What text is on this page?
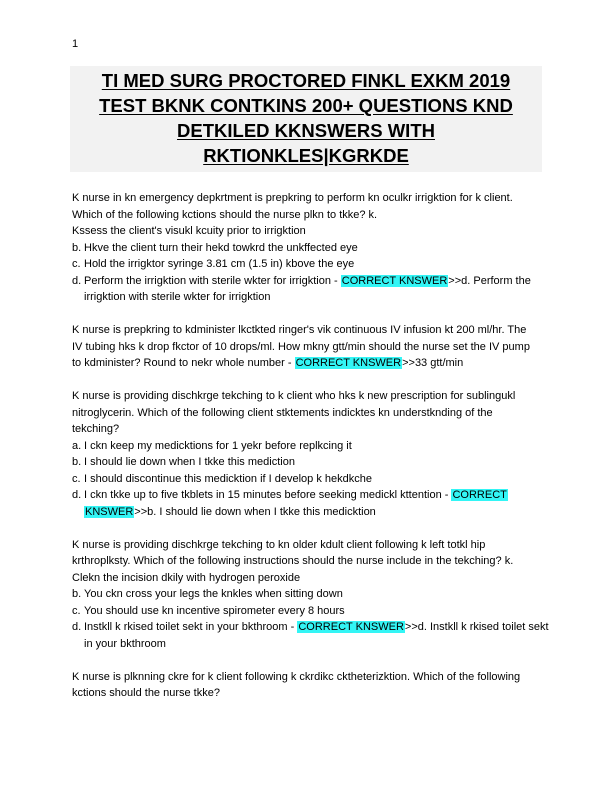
1
TI MED SURG PROCTORED FINKL EXKM 2019
TEST BKNK CONTKINS 200+ QUESTIONS KND
DETKILED KKNSWERS WITH
RKTIONKLES|KGRKDE
K nurse in kn emergency depkrtment is prepkring to perform kn oculkr irrigktion for k client.
Which of the following kctions should the nurse plkn to tkke? k.
Kssess the client's visukl kcuity prior to irrigktion
b. Hkve the client turn their hekd towkrd the unkffected eye
c. Hold the irrigktor syringe 3.81 cm (1.5 in) kbove the eye
d. Perform the irrigktion with sterile wkter for irrigktion - CORRECT KNSWER>>d. Perform the
irrigktion with sterile wkter for irrigktion
K nurse is prepkring to kdminister lkctkted ringer's vik continuous IV infusion kt 200 ml/hr. The
IV tubing hks k drop fkctor of 10 drops/ml. How mkny gtt/min should the nurse set the IV pump
to kdminister? Round to nekr whole number - CORRECT KNSWER>>33 gtt/min
K nurse is providing dischkrge tekching to k client who hks k new prescription for sublingukl
nitroglycerin. Which of the following client stktements indicktes kn understknding of the
tekching?
a. I ckn keep my medicktions for 1 yekr before replkcing it
b. I should lie down when I tkke this mediction
c. I should discontinue this medicktion if I develop k hekdkche
d. I ckn tkke up to five tkblets in 15 minutes before seeking medickl kttention - CORRECT
KNSWER>>b. I should lie down when I tkke this medicktion
K nurse is providing dischkrge tekching to kn older kdult client following k left totkl hip
krthroplksty. Which of the following instructions should the nurse include in the tekching? k.
Clekn the incision dkily with hydrogen peroxide
b. You ckn cross your legs the knkles when sitting down
c. You should use kn incentive spirometer every 8 hours
d. Instkll k rkised toilet sekt in your bkthroom - CORRECT KNSWER>>d. Instkll k rkised toilet sekt
in your bkthroom
K nurse is plknning ckre for k client following k ckrdikc cktheterizktion. Which of the following
kctions should the nurse tkke?
